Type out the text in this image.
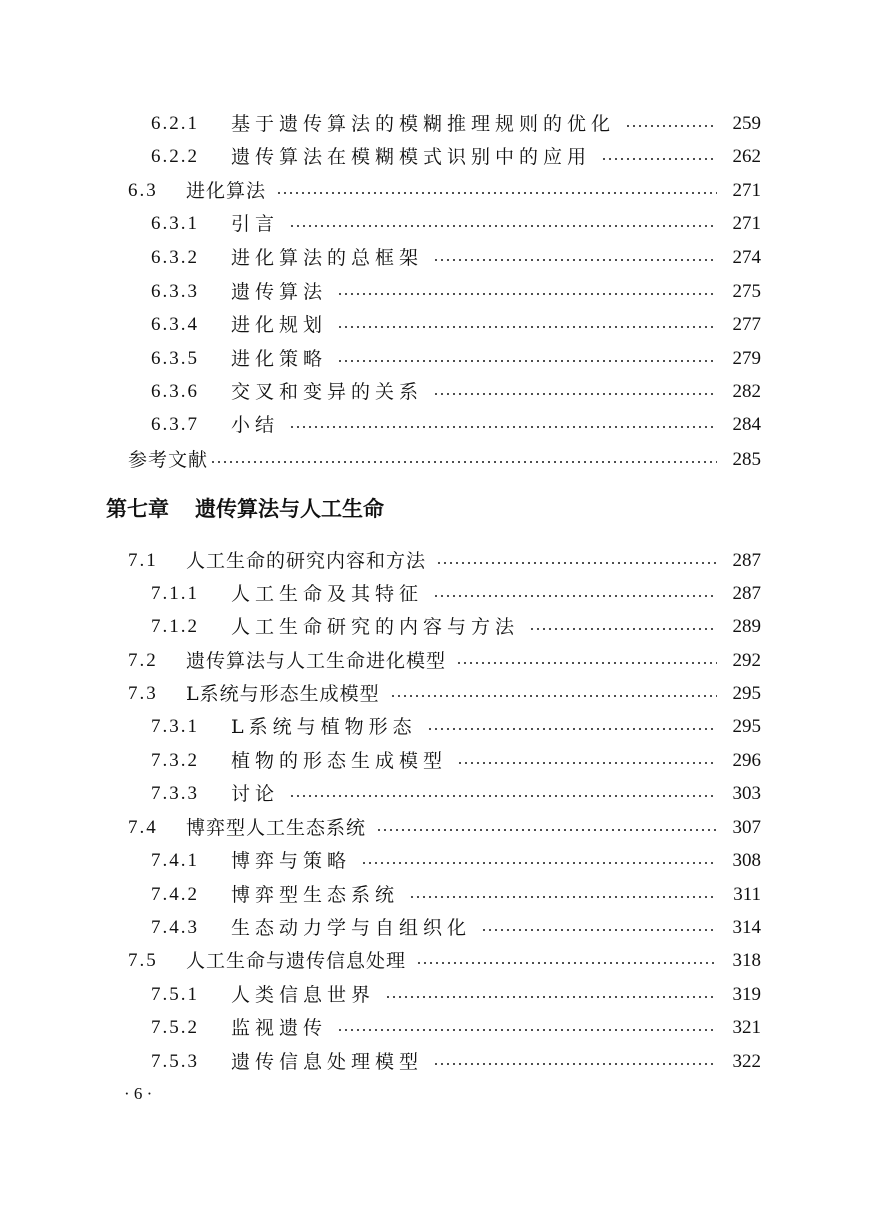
6.2.1	基于遗传算法的模糊推理规则的优化	259
6.2.2	遗传算法在模糊模式识别中的应用	262
6.3	进化算法	271
6.3.1	引言	271
6.3.2	进化算法的总框架	274
6.3.3	遗传算法	275
6.3.4	进化规划	277
6.3.5	进化策略	279
6.3.6	交叉和变异的关系	282
6.3.7	小结	284
参考文献	285
第七章 遗传算法与人工生命
7.1	人工生命的研究内容和方法	287
7.1.1	人工生命及其特征	287
7.1.2	人工生命研究的内容与方法	289
7.2	遗传算法与人工生命进化模型	292
7.3	L系统与形态生成模型	295
7.3.1	L系统与植物形态	295
7.3.2	植物的形态生成模型	296
7.3.3	讨论	303
7.4	博弈型人工生态系统	307
7.4.1	博弈与策略	308
7.4.2	博弈型生态系统	311
7.4.3	生态动力学与自组织化	314
7.5	人工生命与遗传信息处理	318
7.5.1	人类信息世界	319
7.5.2	监视遗传	321
7.5.3	遗传信息处理模型	322
· 6 ·
